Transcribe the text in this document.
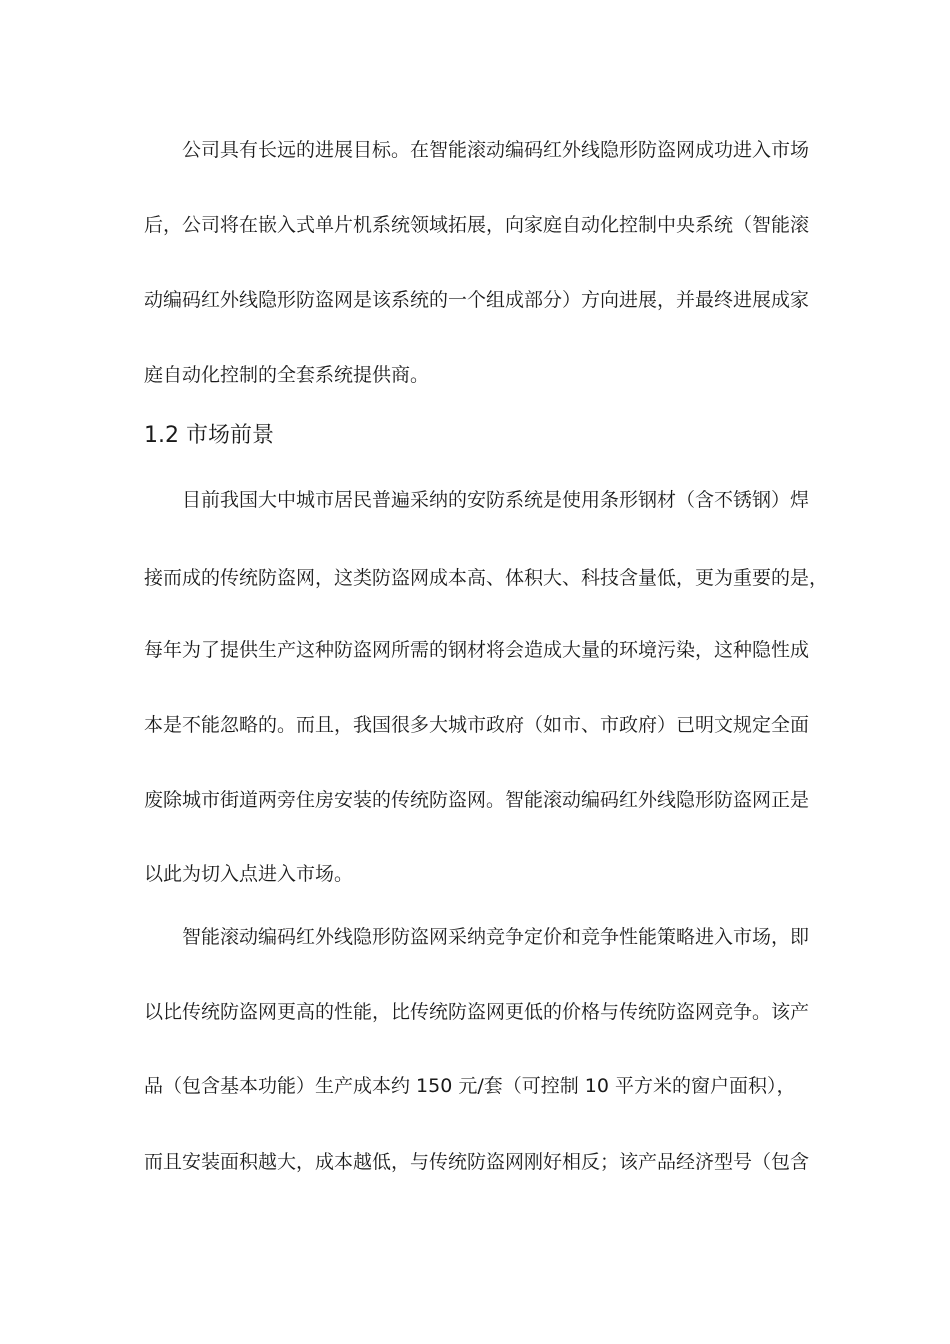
公司具有长远的进展目标。在智能滚动编码红外线隐形防盗网成功进入市场
后，公司将在嵌入式单片机系统领域拓展，向家庭自动化控制中央系统（智能滚
动编码红外线隐形防盗网是该系统的一个组成部分）方向进展，并最终进展成家
庭自动化控制的全套系统提供商。
1.2 市场前景
目前我国大中城市居民普遍采纳的安防系统是使用条形钢材（含不锈钢）焊
接而成的传统防盗网，这类防盗网成本高、体积大、科技含量低，更为重要的是，
每年为了提供生产这种防盗网所需的钢材将会造成大量的环境污染，这种隐性成
本是不能忽略的。而且，我国很多大城市政府（如市、市政府）已明文规定全面
废除城市街道两旁住房安装的传统防盗网。智能滚动编码红外线隐形防盗网正是
以此为切入点进入市场。
智能滚动编码红外线隐形防盗网采纳竞争定价和竞争性能策略进入市场，即
以比传统防盗网更高的性能，比传统防盗网更低的价格与传统防盗网竞争。该产
品（包含基本功能）生产成本约 150 元/套（可控制 10 平方米的窗户面积），
而且安装面积越大，成本越低，与传统防盗网刚好相反；该产品经济型号（包含
